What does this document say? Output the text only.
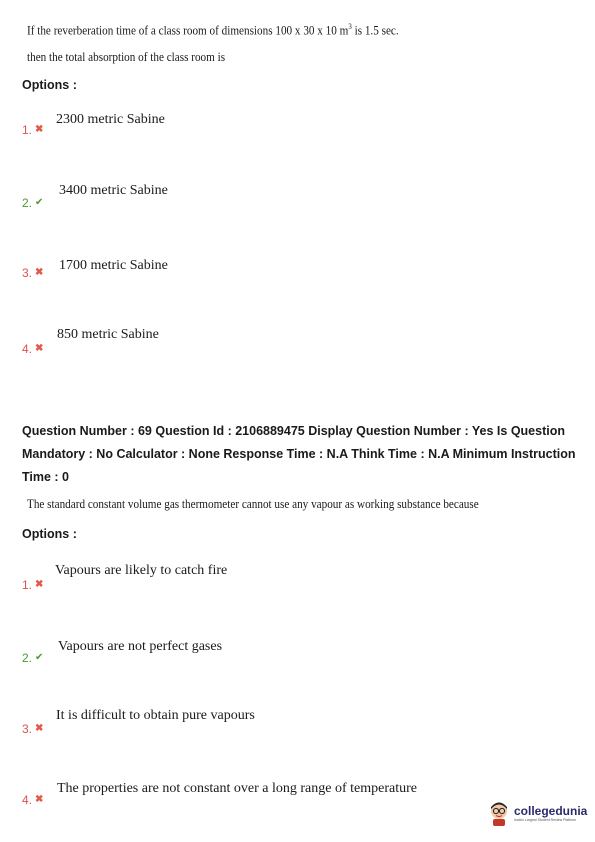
If the reverberation time of a class room of dimensions 100 x 30 x 10 $m^3$ is 1.5 sec.
then the total absorption of the class room is
Options :
2300 metric Sabine
1. ✖
3400 metric Sabine
2. ✔
1700 metric Sabine
3. ✖
850 metric Sabine
4. ✖
Question Number : 69 Question Id : 2106889475 Display Question Number : Yes Is Question Mandatory : No Calculator : None Response Time : N.A Think Time : N.A Minimum Instruction Time : 0
The standard constant volume gas thermometer cannot use any vapour as working substance because
Options :
Vapours are likely to catch fire
1. ✖
Vapours are not perfect gases
2. ✔
It is difficult to obtain pure vapours
3. ✖
The properties are not constant over a long range of temperature
4. ✖
collegedunia
India's Largest Student Review Platform
